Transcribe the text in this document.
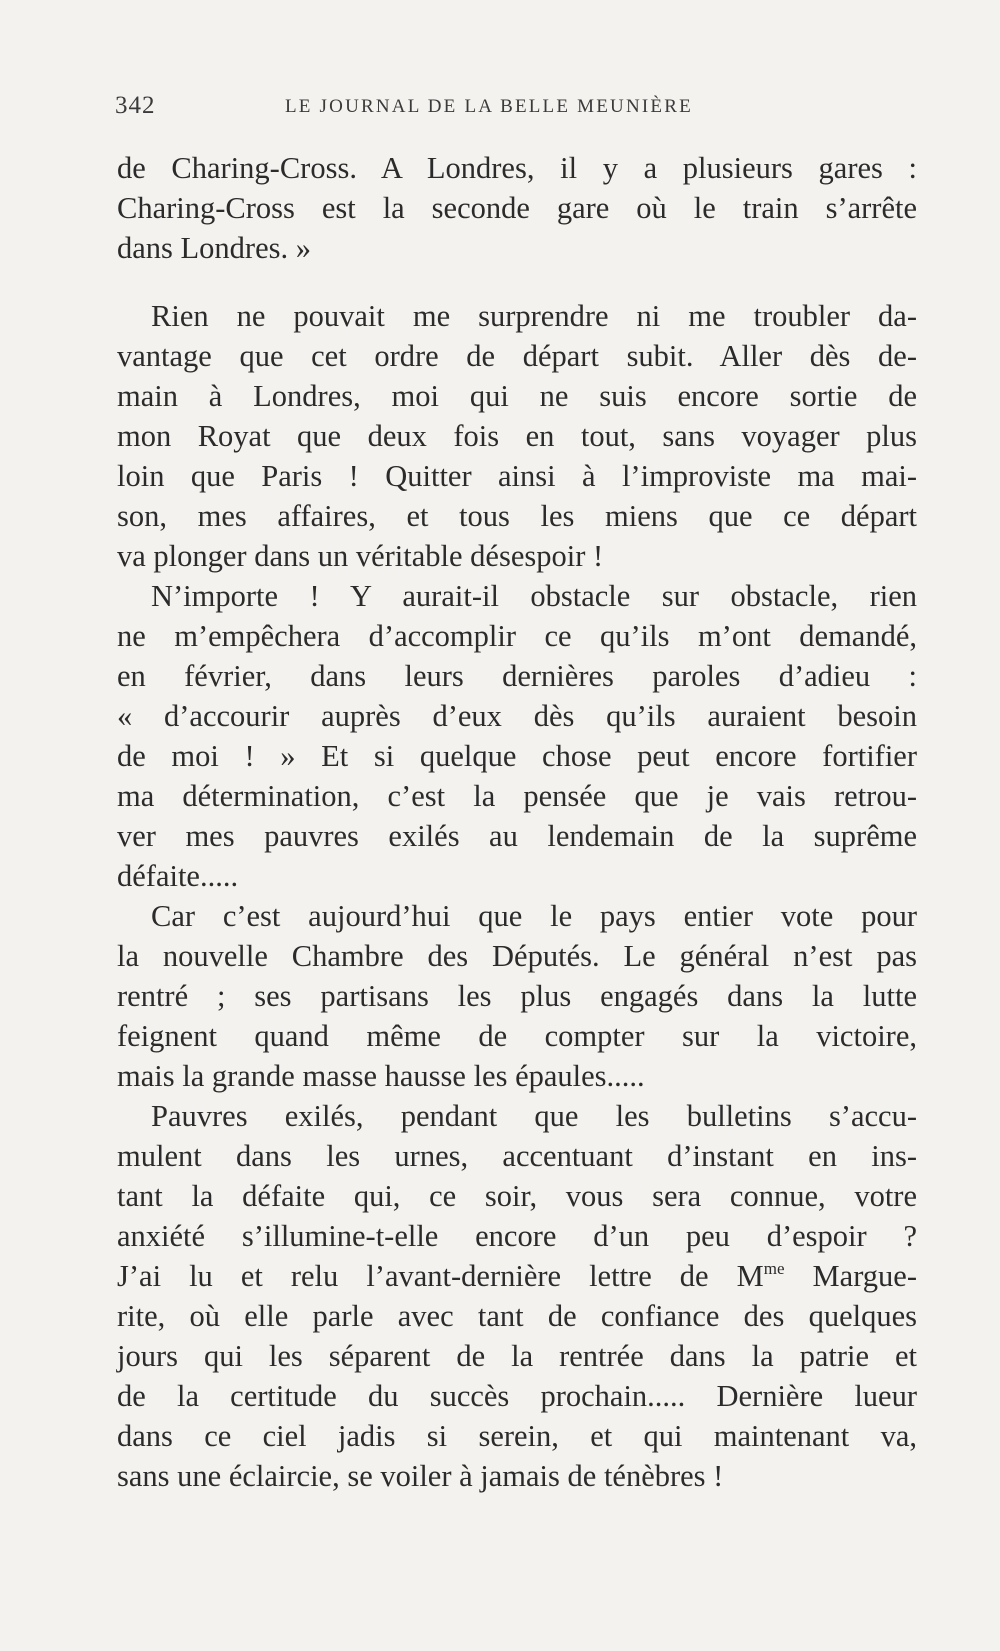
342	LE JOURNAL DE LA BELLE MEUNIÈRE
de Charing-Cross. A Londres, il y a plusieurs gares :
Charing-Cross est la seconde gare où le train s’arrête
dans Londres. »
Rien ne pouvait me surprendre ni me troubler da-
vantage que cet ordre de départ subit. Aller dès de-
main à Londres, moi qui ne suis encore sortie de
mon Royat que deux fois en tout, sans voyager plus
loin que Paris ! Quitter ainsi à l’improviste ma mai-
son, mes affaires, et tous les miens que ce départ
va plonger dans un véritable désespoir !
N’importe ! Y aurait-il obstacle sur obstacle, rien
ne m’empêchera d’accomplir ce qu’ils m’ont demandé,
en février, dans leurs dernières paroles d’adieu :
« d’accourir auprès d’eux dès qu’ils auraient besoin
de moi ! » Et si quelque chose peut encore fortifier
ma détermination, c’est la pensée que je vais retrou-
ver mes pauvres exilés au lendemain de la suprême
défaite.....
Car c’est aujourd’hui que le pays entier vote pour
la nouvelle Chambre des Députés. Le général n’est pas
rentré ; ses partisans les plus engagés dans la lutte
feignent quand même de compter sur la victoire,
mais la grande masse hausse les épaules.....
Pauvres exilés, pendant que les bulletins s’accu-
mulent dans les urnes, accentuant d’instant en ins-
tant la défaite qui, ce soir, vous sera connue, votre
anxiété s’illumine-t-elle encore d’un peu d’espoir ?
J’ai lu et relu l’avant-dernière lettre de $M^{me}$ Margue-
rite, où elle parle avec tant de confiance des quelques
jours qui les séparent de la rentrée dans la patrie et
de la certitude du succès prochain..... Dernière lueur
dans ce ciel jadis si serein, et qui maintenant va,
sans une éclaircie, se voiler à jamais de ténèbres !
